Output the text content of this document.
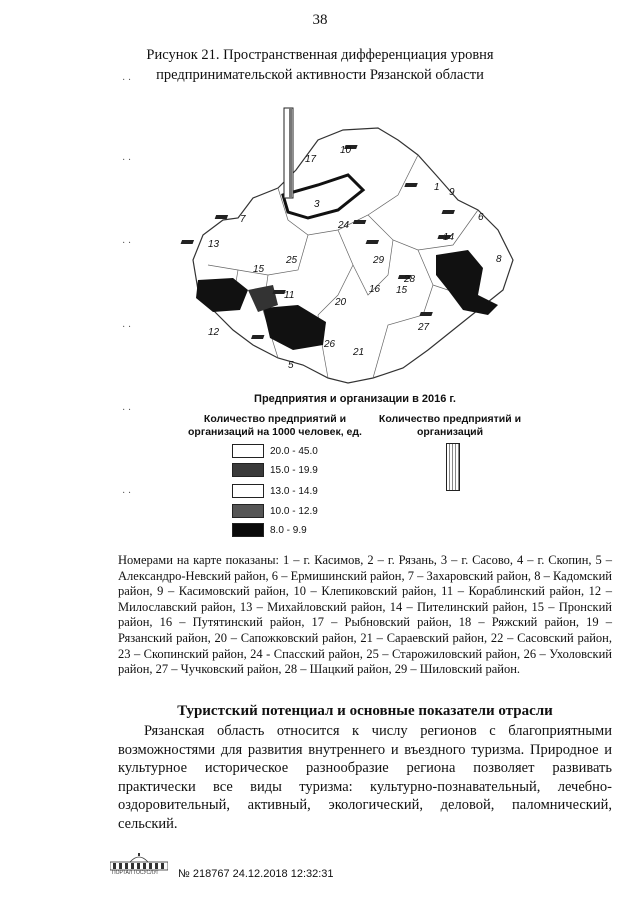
38
Рисунок 21. Пространственная дифференциация уровня
предпринимательской активности Рязанской области
· ·
· ·
· ·
· ·
· ·
· ·
10
17
1 9
6
7
3
14
24
13
25
15
29	8
28
15
11
16
20
12	27
26
21
5
Предприятия и организации в 2016 г.
Количество предприятий и
организаций на 1000 человек, ед.
Количество предприятий и
организаций
20.0 - 45.0
15.0 - 19.9
13.0 - 14.9
10.0 - 12.9
8.0 - 9.9
Номерами на карте показаны: 1 – г. Касимов, 2 – г. Рязань, 3 – г. Сасово, 4 – г. Скопин, 5 – Александро-Невский район, 6 – Ермишинский район, 7 – Захаровский район, 8 – Кадомский район, 9 – Касимовский район, 10 – Клепиковский район, 11 – Кораблинский район, 12 – Милославский район, 13 – Михайловский район, 14 – Пителинский район, 15 – Пронский район, 16 – Путятинский район, 17 – Рыбновский район, 18 – Ряжский район, 19 – Рязанский район, 20 – Сапожковский район, 21 – Сараевский район, 22 – Сасовский район, 23 – Скопинский район, 24 - Спасский район, 25 – Старожиловский район, 26 – Ухоловский район, 27 – Чучковский район, 28 – Шацкий район, 29 – Шиловский район.
Туристский потенциал и основные показатели отрасли
Рязанская область относится к числу регионов с благоприятными возможностями для развития внутреннего и въездного туризма. Природное и культурное историческое разнообразие региона позволяет развивать практически все виды туризма: культурно-познавательный, лечебно-оздоровительный, активный, экологический, деловой, паломнический, сельский.
ПОРТАЛ ГОСУСЛУГ № 218767 24.12.2018 12:32:31
